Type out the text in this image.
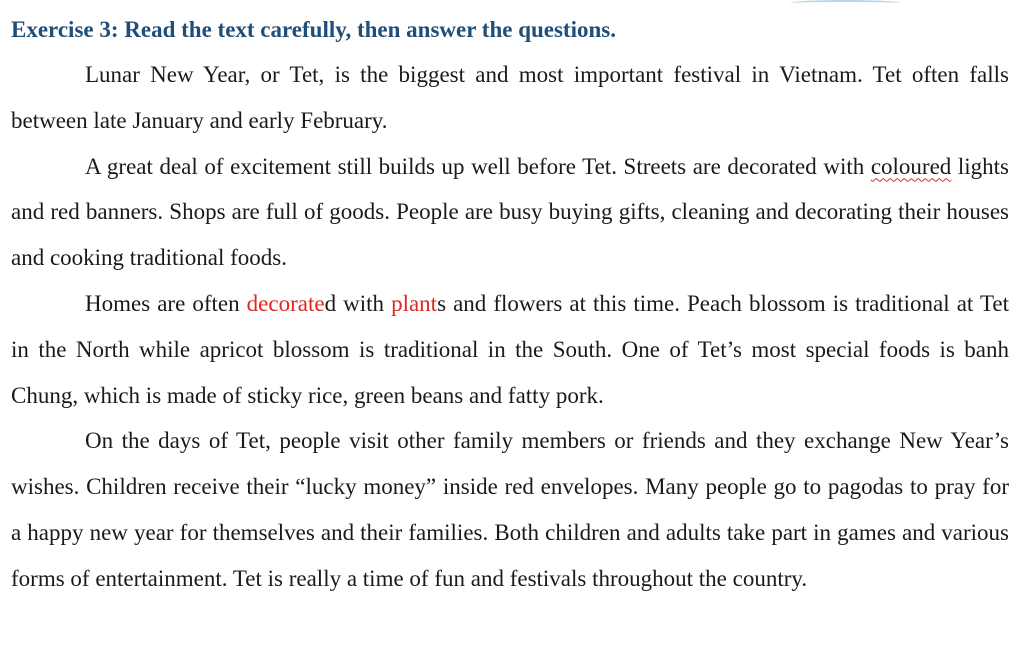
Exercise 3: Read the text carefully, then answer the questions.

Lunar New Year, or Tet, is the biggest and most important festival in Vietnam. Tet often falls between late January and early February.

A great deal of excitement still builds up well before Tet. Streets are decorated with coloured lights and red banners. Shops are full of goods. People are busy buying gifts, cleaning and decorating their houses and cooking traditional foods.

Homes are often decorated with plants and flowers at this time. Peach blossom is traditional at Tet in the North while apricot blossom is traditional in the South. One of Tet’s most special foods is banh Chung, which is made of sticky rice, green beans and fatty pork.

On the days of Tet, people visit other family members or friends and they exchange New Year’s wishes. Children receive their “lucky money” inside red envelopes. Many people go to pagodas to pray for a happy new year for themselves and their families. Both children and adults take part in games and various forms of entertainment. Tet is really a time of fun and festivals throughout the country.
